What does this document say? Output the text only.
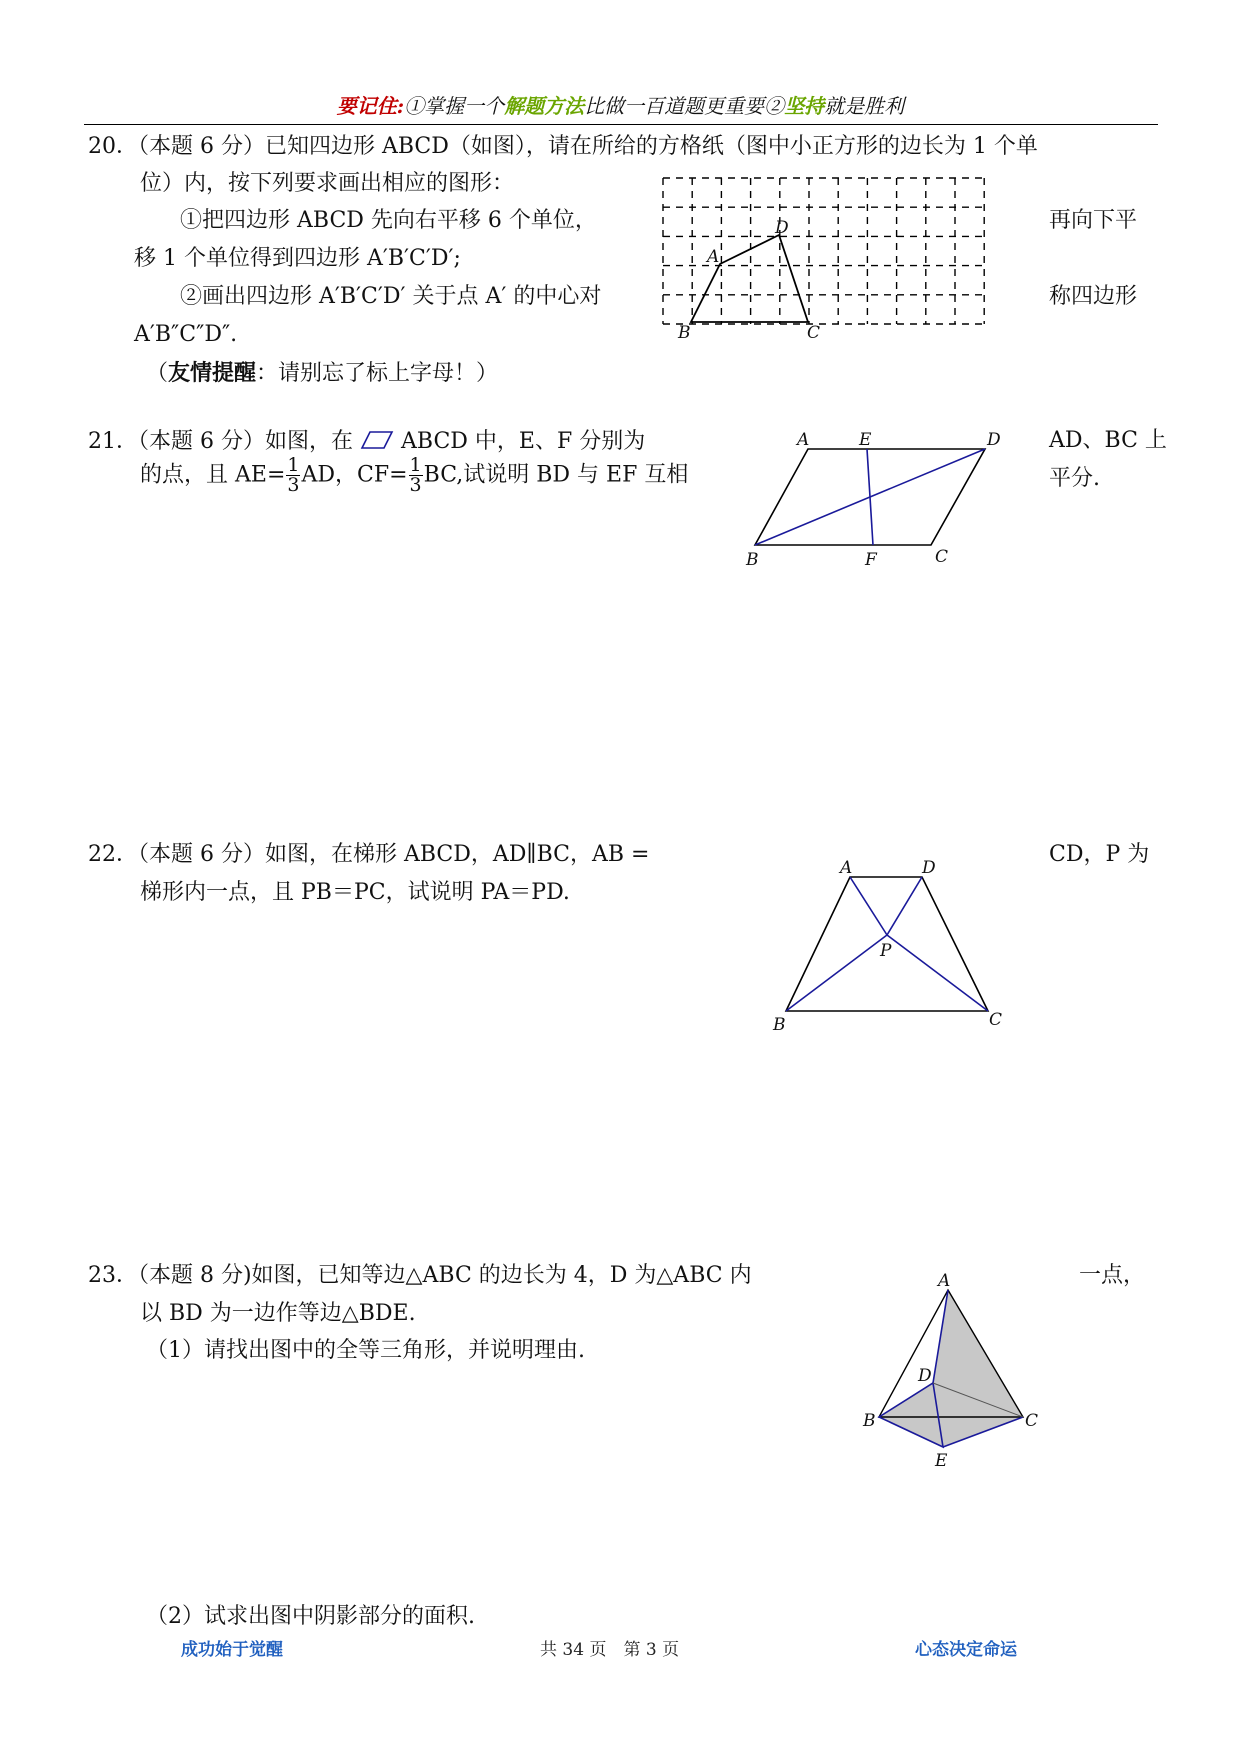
要记住:①掌握一个解题方法比做一百道题更重要②坚持就是胜利
20．（本题 6 分）已知四边形 ABCD（如图），请在所给的方格纸（图中小正方形的边长为 1 个单
位）内，按下列要求画出相应的图形：
①把四边形 ABCD 先向右平移 6 个单位，	再向下平
移 1 个单位得到四边形 A′B′C′D′;
②画出四边形 A′B′C′D′ 关于点 A′ 的中心对	称四边形
A′B″C″D″.
（友情提醒：请别忘了标上字母！）
A
D
B	C
21．（本题 6 分）如图，在 ABCD 中，E、F 分别为	AD、BC 上
的点，且 $AE= \frac{1}{3}$ AD，$CF= \frac{1}{3}$ BC,试说明 BD 与 EF 互相	平分.
A	E	D
B	F	C
22．（本题 6 分）如图，在梯形 ABCD，AD∥BC，AB =	CD，P 为
梯形内一点，且 PB＝PC，试说明 PA＝PD.
A	D
P
B	C
23．（本题 8 分)如图，已知等边△ABC 的边长为 4，D 为△ABC 内	一点，
以 BD 为一边作等边△BDE.
（1）请找出图中的全等三角形，并说明理由.
（2）试求出图中阴影部分的面积.
A
D
B	C
E
成功始于觉醒	共 34 页　第 3 页	心态决定命运
